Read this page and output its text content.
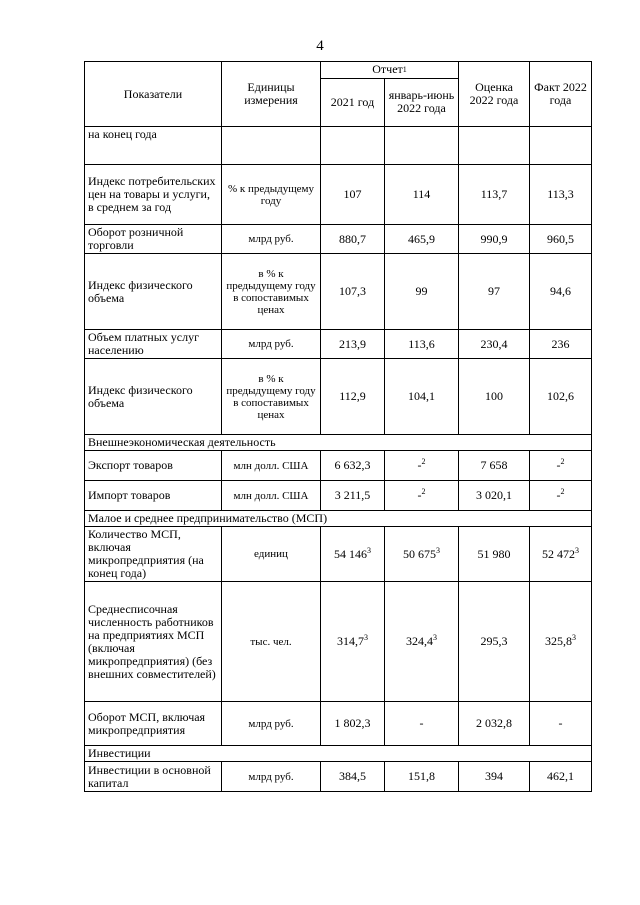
4
Показатели	Единицы измерения	Отчет$^1$		Оценка 2022 года	Факт 2022 года
		2021 год	январь-июнь 2022 года		
на конец года					
Индекс потребительских цен на товары и услуги, в среднем за год	% к предыдущему году	107	114	113,7	113,3
Оборот розничной торговли	млрд руб.	880,7	465,9	990,9	960,5
Индекс физического объема	в % к предыдущему году в сопоставимых ценах	107,3	99	97	94,6
Объем платных услуг населению	млрд руб.	213,9	113,6	230,4	236
Индекс физического объема	в % к предыдущему году в сопоставимых ценах	112,9	104,1	100	102,6
Внешнеэкономическая деятельность					
Экспорт товаров	млн долл. США	6 632,3	-$^2$	7 658	-$^2$
Импорт товаров	млн долл. США	3 211,5	-$^2$	3 020,1	-$^2$
Малое и среднее предпринимательство (МСП)					
Количество МСП, включая микропредприятия (на конец года)	единиц	54 $146^3$	50 $675^3$	51 980	52 $472^3$
Среднесписочная численность работников на предприятиях МСП (включая микропредприятия) (без внешних совместителей)	тыс. чел.	314,7$^3$	324,4$^3$	295,3	325,8$^3$
Оборот МСП, включая микропредприятия	млрд руб.	1 802,3	-	2 032,8	-
Инвестиции					
Инвестиции в основной капитал	млрд руб.	384,5	151,8	394	462,1
